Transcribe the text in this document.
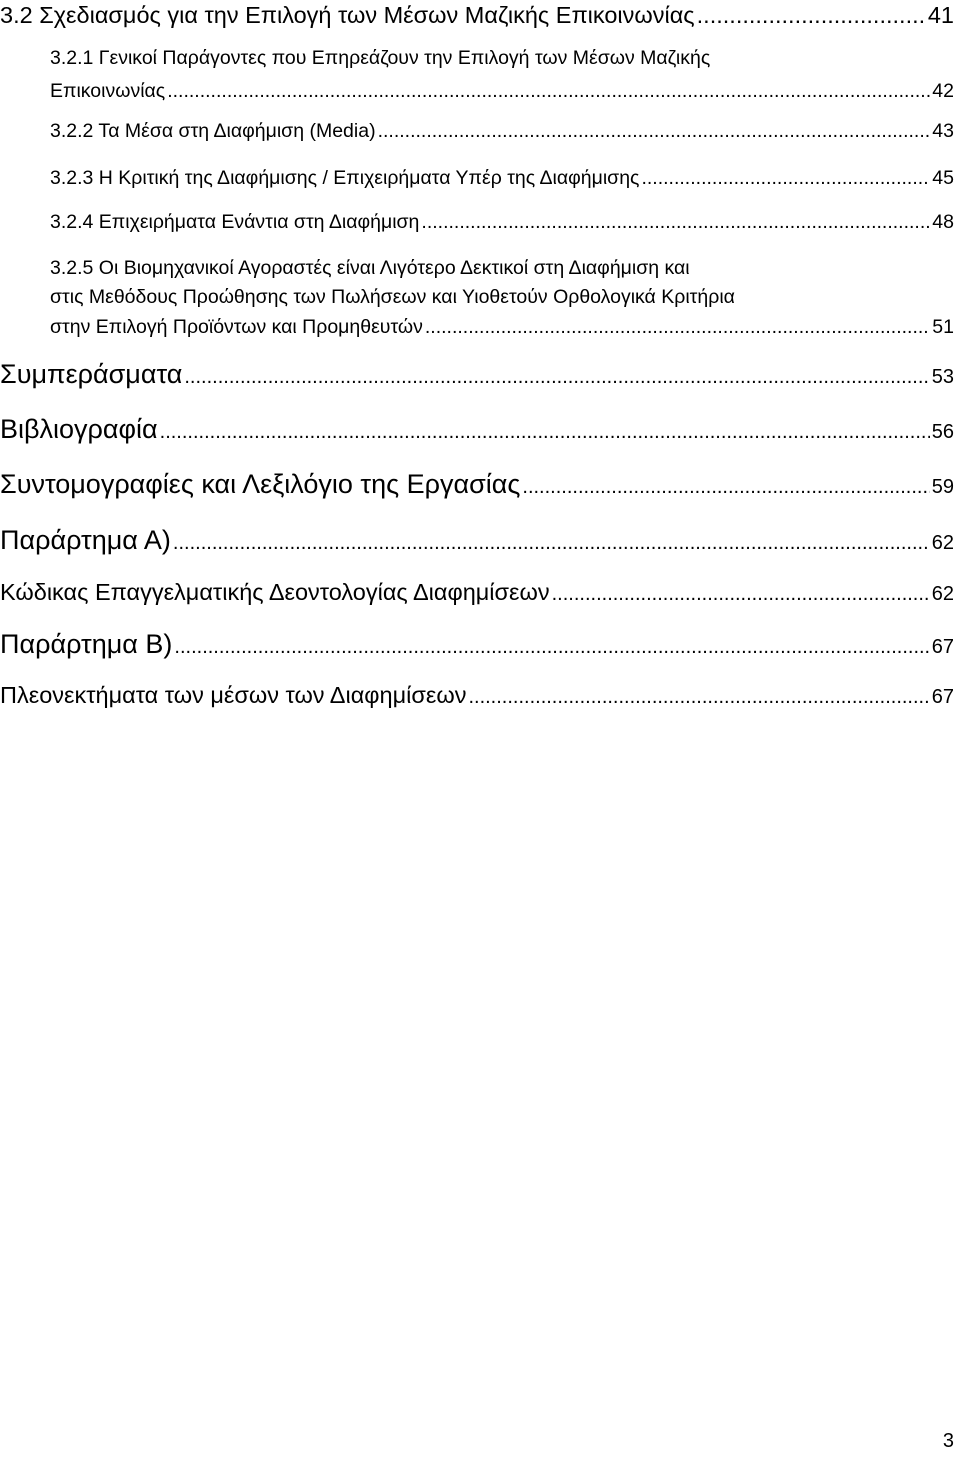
3.2 Σχεδιασμός για την Επιλογή των Μέσων Μαζικής Επικοινωνίας .....	41
3.2.1 Γενικοί Παράγοντες που Επηρεάζουν την Επιλογή των Μέσων Μαζικής
Επικοινωνίας .....	42
3.2.2 Τα Μέσα στη Διαφήμιση (Media) .....	43
3.2.3 Η Κριτική της Διαφήμισης / Επιχειρήματα Υπέρ της Διαφήμισης .....	45
3.2.4 Επιχειρήματα Ενάντια στη Διαφήμιση .....	48
3.2.5 Οι Βιομηχανικοί Αγοραστές είναι Λιγότερο Δεκτικοί στη Διαφήμιση και
στις Μεθόδους Προώθησης των Πωλήσεων και Υιοθετούν Ορθολογικά Κριτήρια
στην Επιλογή Προϊόντων και Προμηθευτών .....	51
Συμπεράσματα .....	53
Βιβλιογραφία .....	56
Συντομογραφίες και Λεξιλόγιο της Εργασίας .....	59
Παράρτημα Α) .....	62
Κώδικας Επαγγελματικής Δεοντολογίας Διαφημίσεων .....	62
Παράρτημα Β) .....	67
Πλεονεκτήματα των μέσων των Διαφημίσεων .....	67
3
